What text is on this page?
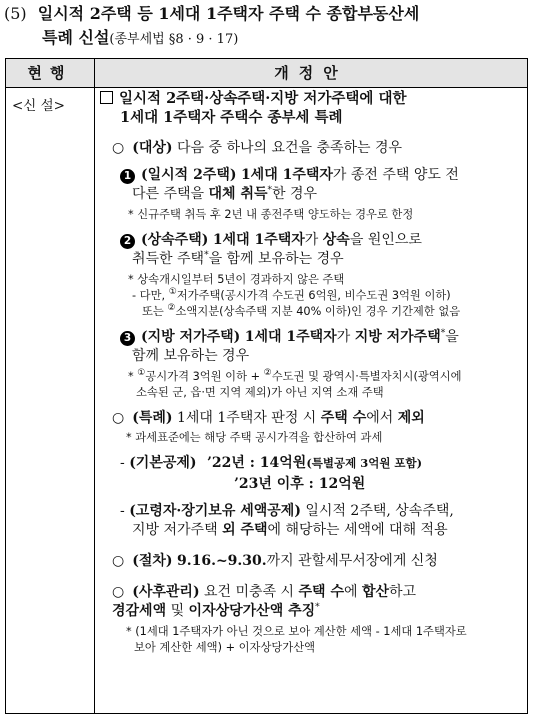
(5) 일시적 2주택 등 1세대 1주택자 주택 수 종합부동산세
특례 신설(종부세법 §8 · 9 · 17)
현행	개정안
<신 설>	일시적 2주택·상속주택·지방 저가주택에 대한
1세대 1주택자 주택수 종부세 특례
○ (대상) 다음 중 하나의 요건을 충족하는 경우
1 (일시적 2주택) 1세대 1주택자가 종전 주택 양도 전
다른 주택을 대체 취득*한 경우
* 신규주택 취득 후 2년 내 종전주택 양도하는 경우로 한정
2 (상속주택) 1세대 1주택자가 상속을 원인으로
취득한 주택*을 함께 보유하는 경우
* 상속개시일부터 5년이 경과하지 않은 주택
- 다만, ①저가주택(공시가격 수도권 6억원, 비수도권 3억원 이하)
또는 ②소액지분(상속주택 지분 40% 이하)인 경우 기간제한 없음
3 (지방 저가주택) 1세대 1주택자가 지방 저가주택*을
함께 보유하는 경우
* ①공시가격 3억원 이하 + ②수도권 및 광역시·특별자치시(광역시에
소속된 군, 읍·면 지역 제외)가 아닌 지역 소재 주택
○ (특례) 1세대 1주택자 판정 시 주택 수에서 제외
* 과세표준에는 해당 주택 공시가격을 합산하여 과세
- (기본공제) ’22년 : 14억원(특별공제 3억원 포함)
’23년 이후 : 12억원
- (고령자·장기보유 세액공제) 일시적 2주택, 상속주택,
지방 저가주택 외 주택에 해당하는 세액에 대해 적용
○ (절차) 9.16.~9.30.까지 관할세무서장에게 신청
○ (사후관리) 요건 미충족 시 주택 수에 합산하고
경감세액 및 이자상당가산액 추징*
* (1세대 1주택자가 아닌 것으로 보아 계산한 세액 - 1세대 1주택자로
보아 계산한 세액) + 이자상당가산액
